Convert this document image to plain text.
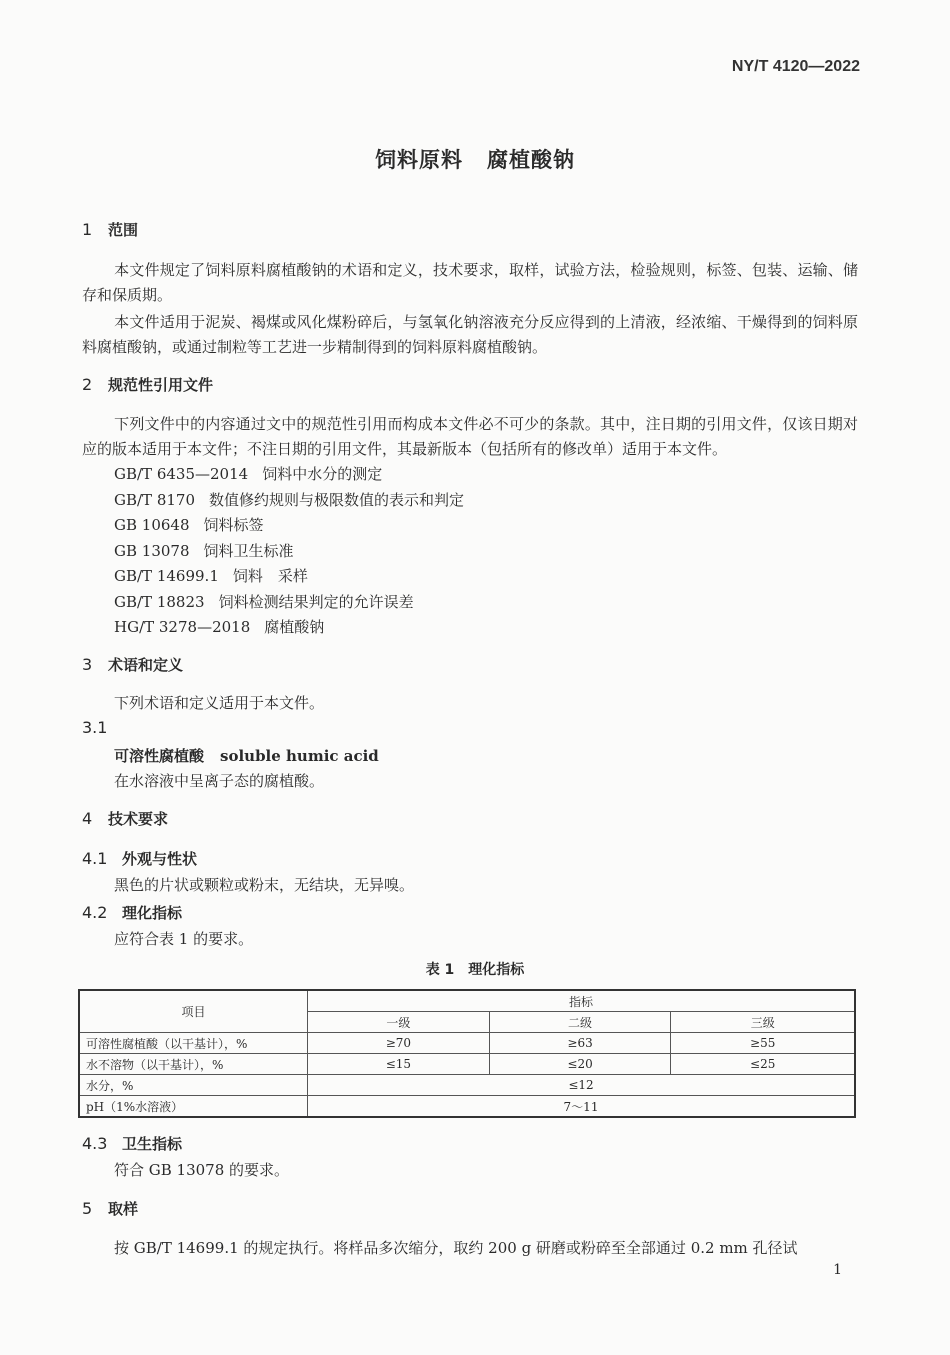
NY/T 4120—2022
饲料原料 腐植酸钠
1 范围
本文件规定了饲料原料腐植酸钠的术语和定义，技术要求，取样，试验方法，检验规则，标签、包装、运输、储存和保质期。
本文件适用于泥炭、褐煤或风化煤粉碎后，与氢氧化钠溶液充分反应得到的上清液，经浓缩、干燥得到的饲料原料腐植酸钠，或通过制粒等工艺进一步精制得到的饲料原料腐植酸钠。
2 规范性引用文件
下列文件中的内容通过文中的规范性引用而构成本文件必不可少的条款。其中，注日期的引用文件，仅该日期对应的版本适用于本文件；不注日期的引用文件，其最新版本（包括所有的修改单）适用于本文件。
GB/T 6435—2014 饲料中水分的测定
GB/T 8170 数值修约规则与极限数值的表示和判定
GB 10648 饲料标签
GB 13078 饲料卫生标准
GB/T 14699.1 饲料　采样
GB/T 18823 饲料检测结果判定的允许误差
HG/T 3278—2018 腐植酸钠
3 术语和定义
下列术语和定义适用于本文件。
3.1
可溶性腐植酸 soluble humic acid
在水溶液中呈离子态的腐植酸。
4 技术要求
4.1 外观与性状
黑色的片状或颗粒或粉末，无结块，无异嗅。
4.2 理化指标
应符合表 1 的要求。
表 1　理化指标
项目	指标		
	一级	二级	三级
可溶性腐植酸（以干基计），%	≥70	≥63	≥55
水不溶物（以干基计），%	≤15	≤20	≤25
水分，%	≤12		
pH（1%水溶液）	7～11		
4.3 卫生指标
符合 GB 13078 的要求。
5 取样
按 GB/T 14699.1 的规定执行。将样品多次缩分，取约 200 g 研磨或粉碎至全部通过 0.2 mm 孔径试
1
